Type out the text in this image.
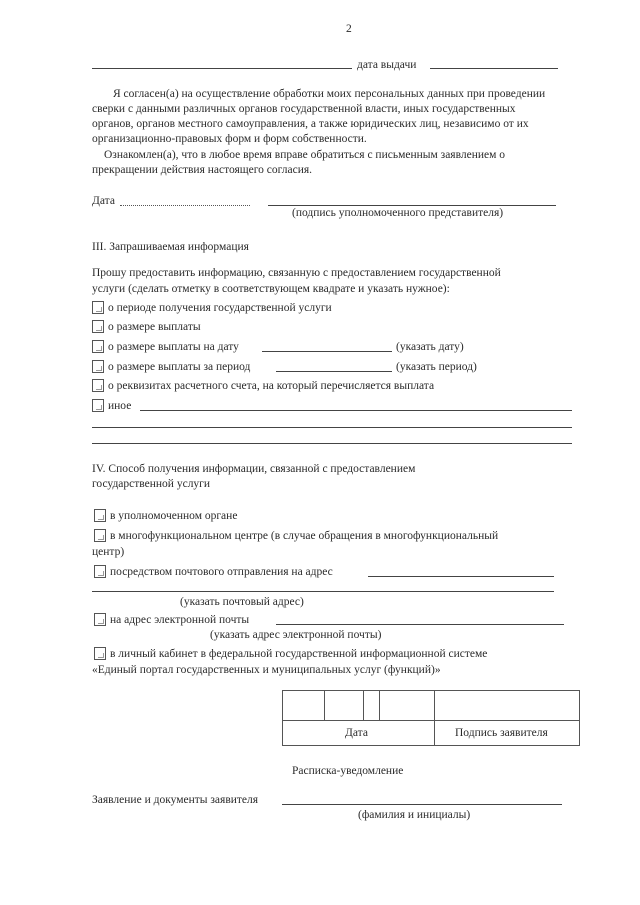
2
дата выдачи
Я согласен(а) на осуществление обработки моих персональных данных при проведении
сверки с данными различных органов государственной власти, иных государственных
органов, органов местного самоуправления, а также юридических лиц, независимо от их
организационно-правовых форм и форм собственности.
Ознакомлен(а), что в любое время вправе обратиться с письменным заявлением о
прекращении действия настоящего согласия.
Дата
(подпись уполномоченного представителя)
III. Запрашиваемая информация
Прошу предоставить информацию, связанную с предоставлением государственной
услуги (сделать отметку в соответствующем квадрате и указать нужное):
о периоде получения государственной услуги
о размере выплаты
о размере выплаты на дату	(указать дату)
о размере выплаты за период	(указать период)
о реквизитах расчетного счета, на который перечисляется выплата
иное
IV. Способ получения информации, связанной с предоставлением
государственной услуги
в уполномоченном органе
в многофункциональном центре (в случае обращения в многофункциональный
центр)
посредством почтового отправления на адрес
(указать почтовый адрес)
на адрес электронной почты
(указать адрес электронной почты)
в личный кабинет в федеральной государственной информационной системе
«Единый портал государственных и муниципальных услуг (функций)»
Дата	Подпись заявителя
Расписка-уведомление
Заявление и документы заявителя
(фамилия и инициалы)
